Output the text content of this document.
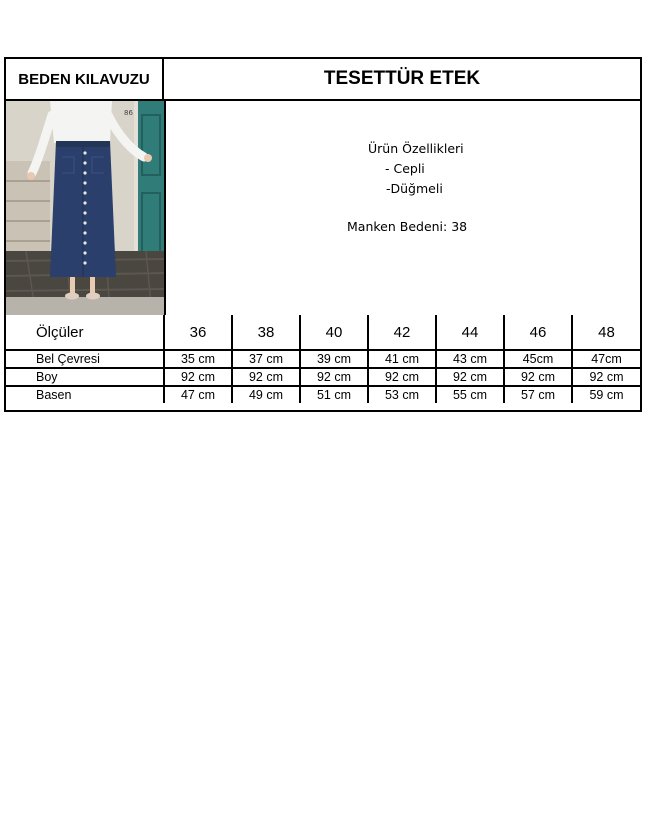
BEDEN KILAVUZU	TESETTÜR ETEK
86
Ürün Özellikleri
- Cepli
-Düğmeli
Manken Bedeni: 38
Ölçüler	36	38	40	42	44	46	48
Bel Çevresi	35 cm	37 cm	39 cm	41 cm	43 cm	45cm	47cm
Boy	92 cm	92 cm	92 cm	92 cm	92 cm	92 cm	92 cm
Basen	47 cm	49 cm	51 cm	53 cm	55 cm	57 cm	59 cm
